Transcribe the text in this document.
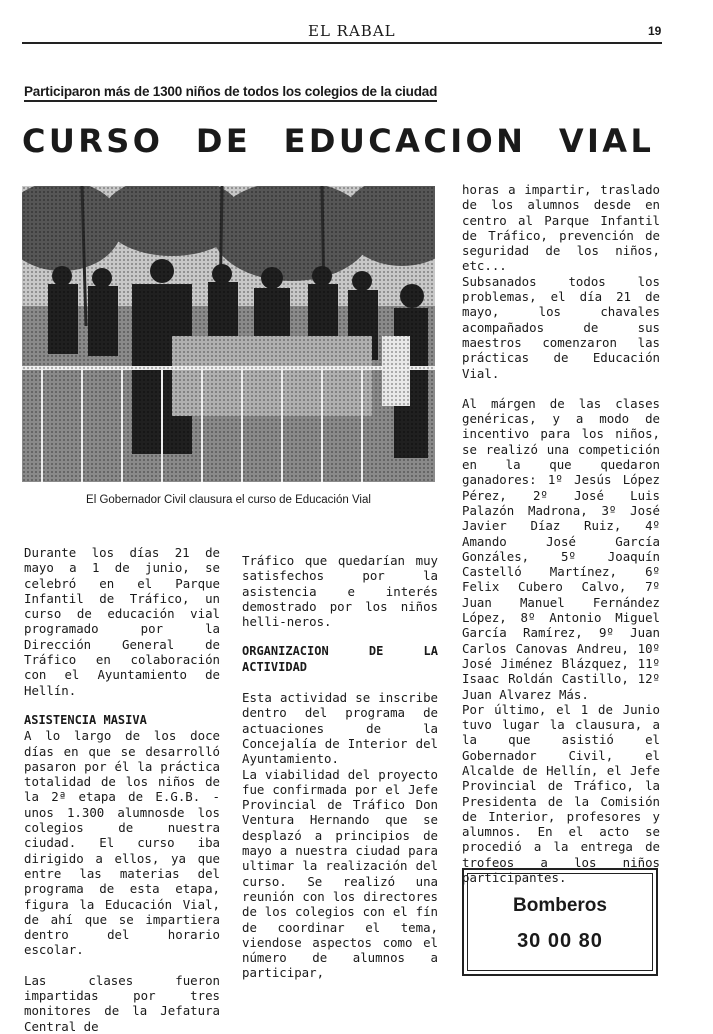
EL RABAL	19
Participaron más de 1300 niños de todos los colegios de la ciudad
CURSO DE EDUCACION VIAL
El Gobernador Civil clausura el curso de Educación Vial

Durante los días 21 de mayo a 1 de junio, se celebró en el Parque Infantil de Tráfico, un curso de educación vial programado por la Dirección General de Tráfico en colaboración con el Ayuntamiento de Hellín.

ASISTENCIA MASIVA

A lo largo de los doce días en que se desarrolló pasaron por él la práctica totalidad de los niños de la 2ª etapa de E.G.B. -unos 1.300 alumnosde los colegios de nuestra ciudad. El curso iba dirigido a ellos, ya que entre las materias del programa de esta etapa, figura la Educación Vial, de ahí que se impartiera dentro del horario escolar.

Las clases fueron impartidas por tres monitores de la Jefatura Central de

Tráfico que quedarían muy satisfechos por la asistencia e interés demostrado por los niños helli-neros.

ORGANIZACION DE LA ACTIVIDAD

Esta actividad se inscribe dentro del programa de actuaciones de la Concejalía de Interior del Ayuntamiento.

La viabilidad del proyecto fue confirmada por el Jefe Provincial de Tráfico Don Ventura Hernando que se desplazó a principios de mayo a nuestra ciudad para ultimar la realización del curso. Se realizó una reunión con los directores de los colegios con el fín de coordinar el tema, viendose aspectos como el número de alumnos a participar,

horas a impartir, traslado de los alumnos desde en centro al Parque Infantil de Tráfico, prevención de seguridad de los niños, etc...

Subsanados todos los problemas, el día 21 de mayo, los chavales acompañados de sus maestros comenzaron las prácticas de Educación Vial.

Al márgen de las clases genéricas, y a modo de incentivo para los niños, se realizó una competición en la que quedaron ganadores: 1º Jesús López Pérez, 2º José Luis Palazón Madrona, 3º José Javier Díaz Ruiz, 4º Amando José García Gonzáles, 5º Joaquín Castelló Martínez, 6º Felix Cubero Calvo, 7º Juan Manuel Fernández López, 8º Antonio Miguel García Ramírez, 9º Juan Carlos Canovas Andreu, 10º José Jiménez Blázquez, 11º Isaac Roldán Castillo, 12º Juan Alvarez Más.

Por último, el 1 de Junio tuvo lugar la clausura, a la que asistió el Gobernador Civil, el Alcalde de Hellín, el Jefe Provincial de Tráfico, la Presidenta de la Comisión de Interior, profesores y alumnos. En el acto se procedió a la entrega de trofeos a los niños participantes.

Bomberos
30 00 80
